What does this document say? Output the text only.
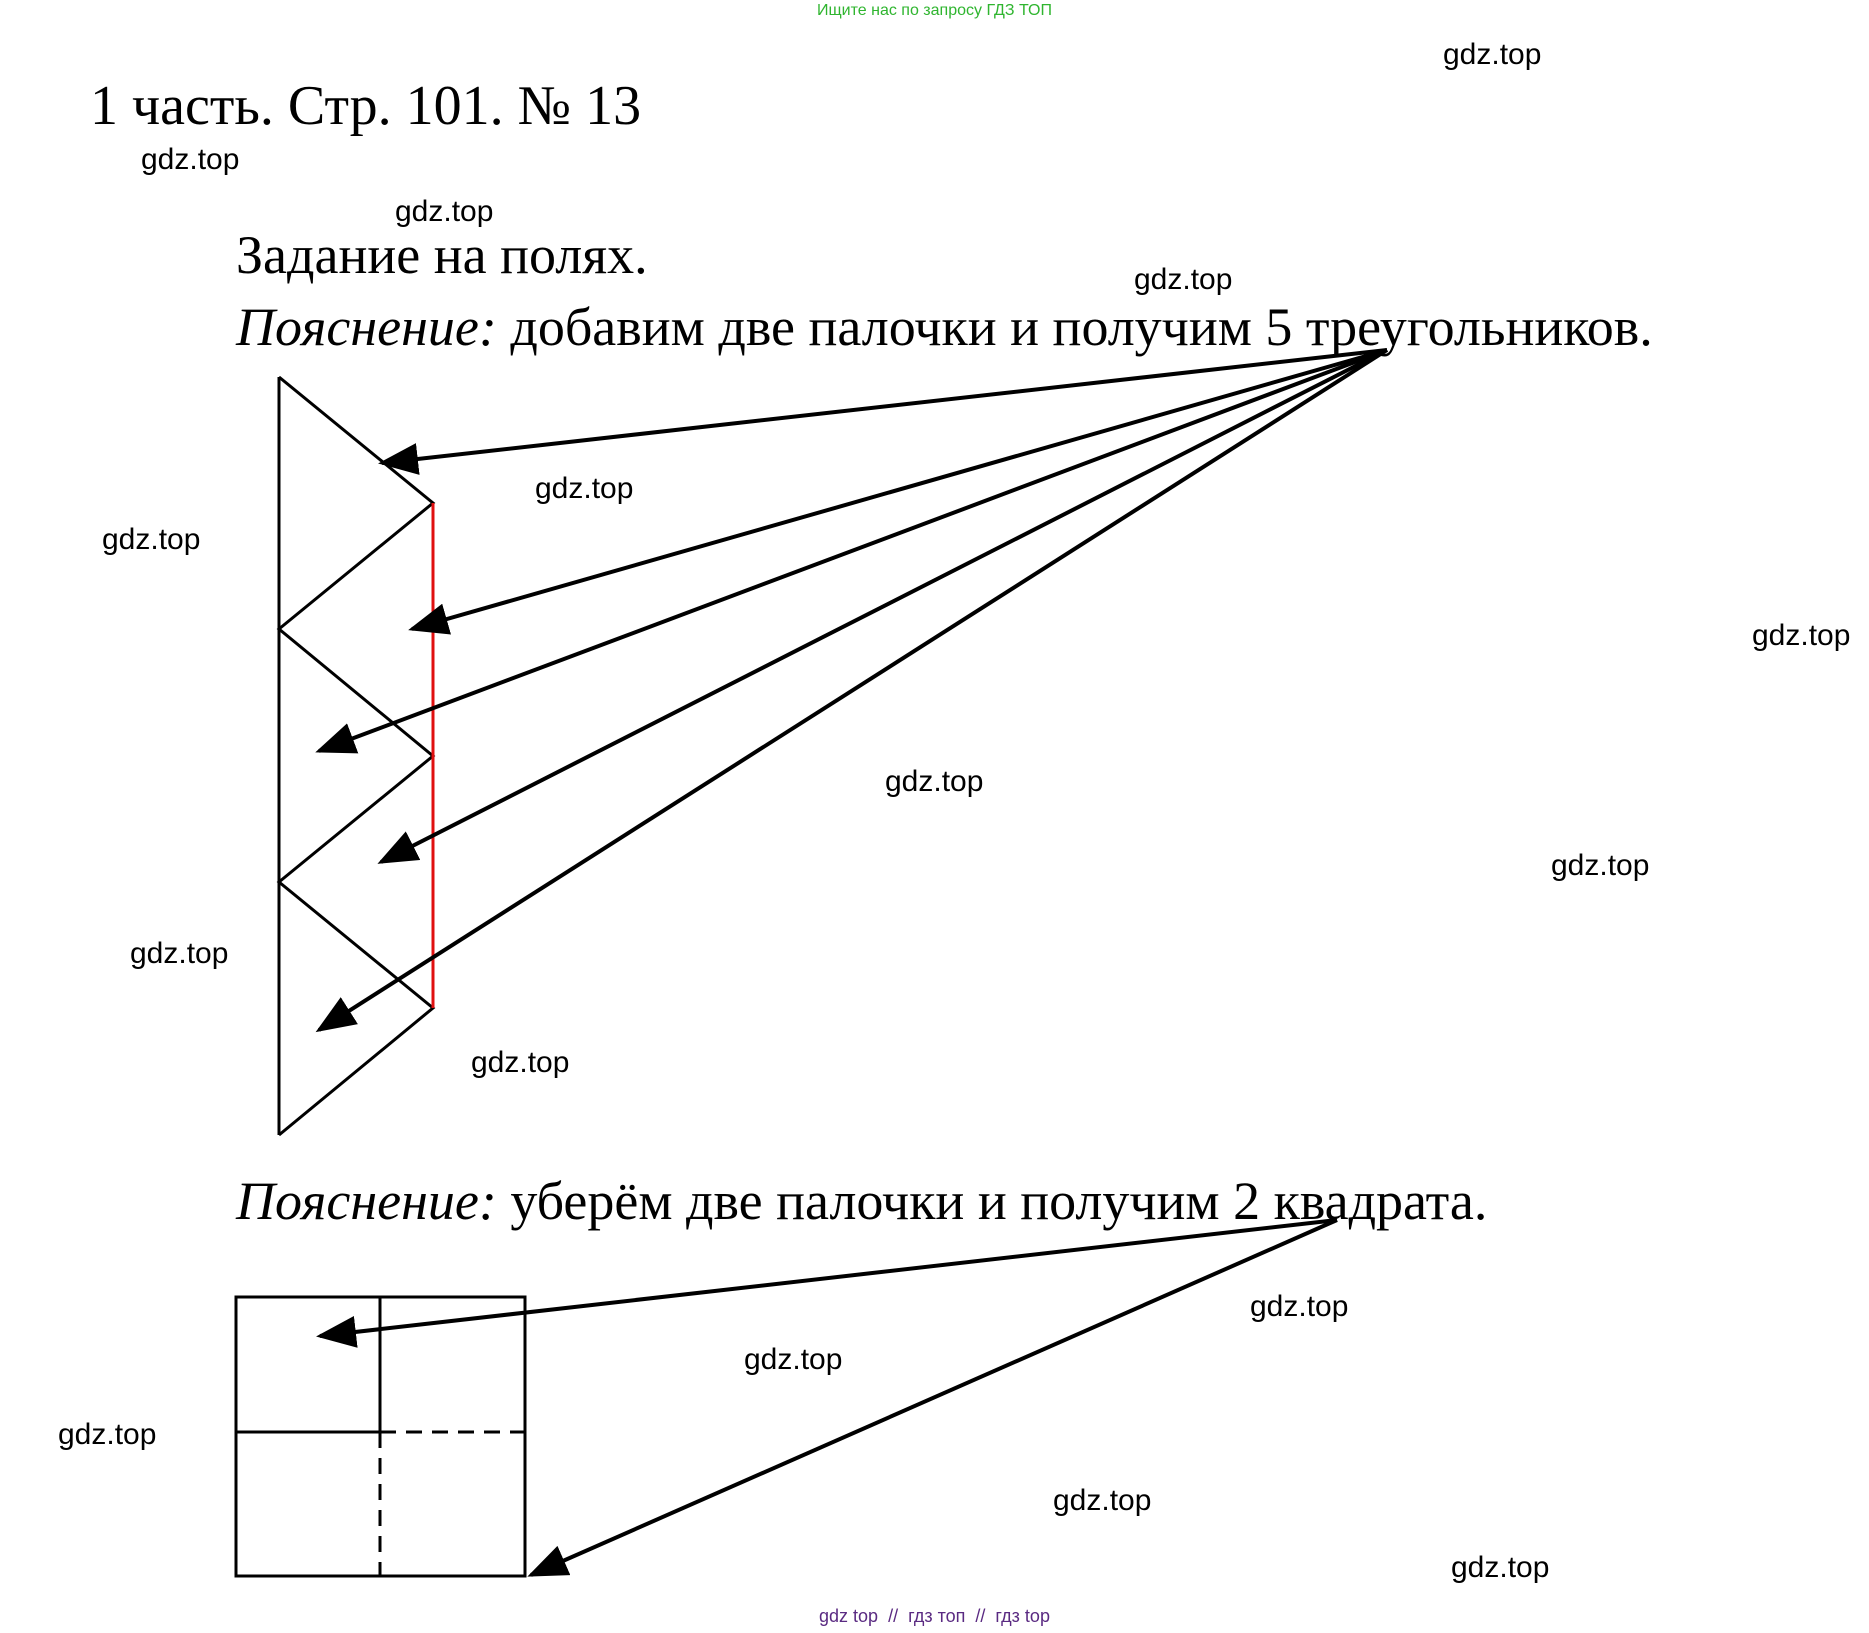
Ищите нас по запросу ГДЗ ТОП
1 часть. Стр. 101. № 13
Задание на полях.
Пояснение: добавим две палочки и получим 5 треугольников.
Пояснение: уберём две палочки и получим 2 квадрата.
gdz.top
gdz.top
gdz.top
gdz.top
gdz.top
gdz.top
gdz.top
gdz.top
gdz.top
gdz.top
gdz.top
gdz.top
gdz.top
gdz.top
gdz.top
gdz.top
gdz top // гдз топ // гдз top
